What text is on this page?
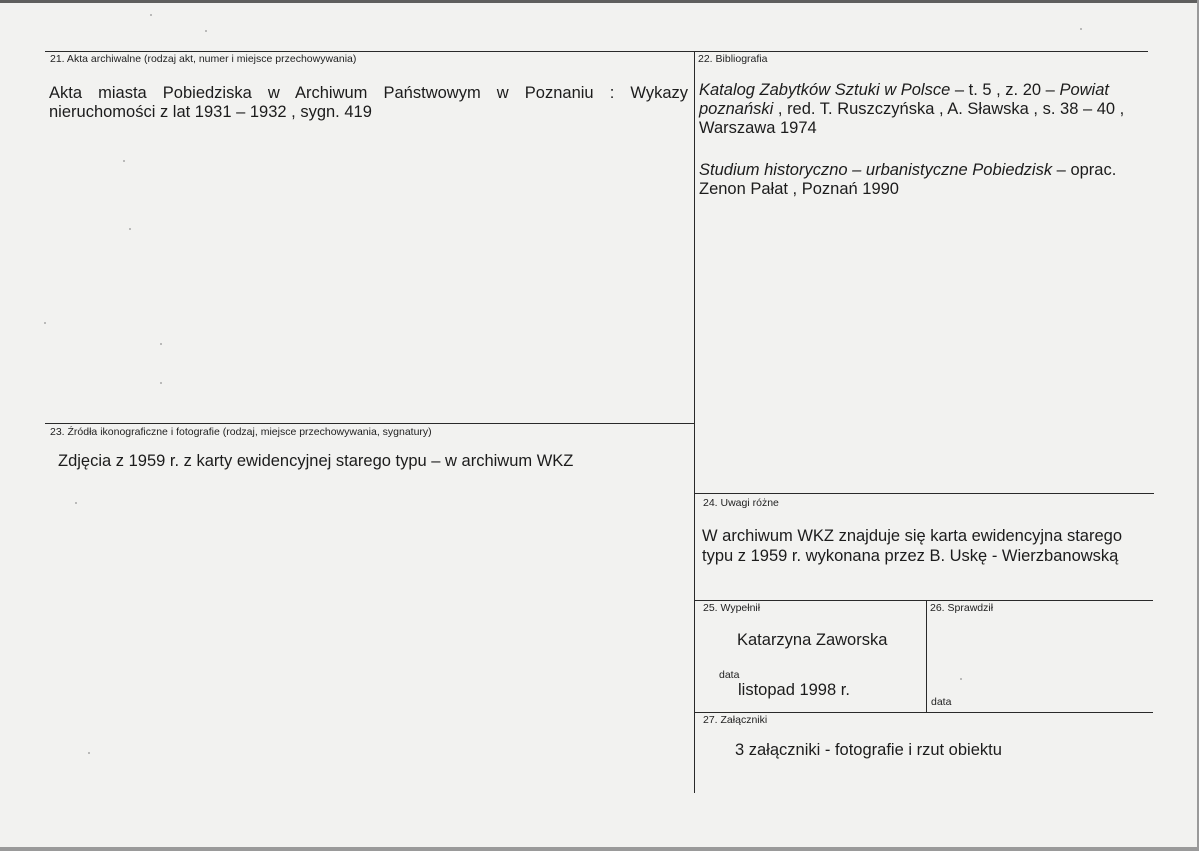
21. Akta archiwalne (rodzaj akt, numer i miejsce przechowywania)
Akta miasta Pobiedziska w Archiwum Państwowym w Poznaniu : Wykazy nieruchomości z lat 1931 – 1932 , sygn. 419
22. Bibliografia
Katalog Zabytków Sztuki w Polsce – t. 5 , z. 20 – Powiat poznański , red. T. Ruszczyńska , A. Sławska , s. 38 – 40 , Warszawa 1974
Studium historyczno – urbanistyczne Pobiedzisk – oprac. Zenon Pałat , Poznań 1990
23. Źródła ikonograficzne i fotografie (rodzaj, miejsce przechowywania, sygnatury)
Zdjęcia z 1959 r. z karty ewidencyjnej starego typu – w archiwum WKZ
24. Uwagi różne
W archiwum WKZ znajduje się karta ewidencyjna starego
typu z 1959 r. wykonana przez B. Uskę - Wierzbanowską
25. Wypełnił
Katarzyna Zaworska
data
listopad 1998 r.
26. Sprawdził
data
27. Załączniki
3 załączniki - fotografie i rzut obiektu
